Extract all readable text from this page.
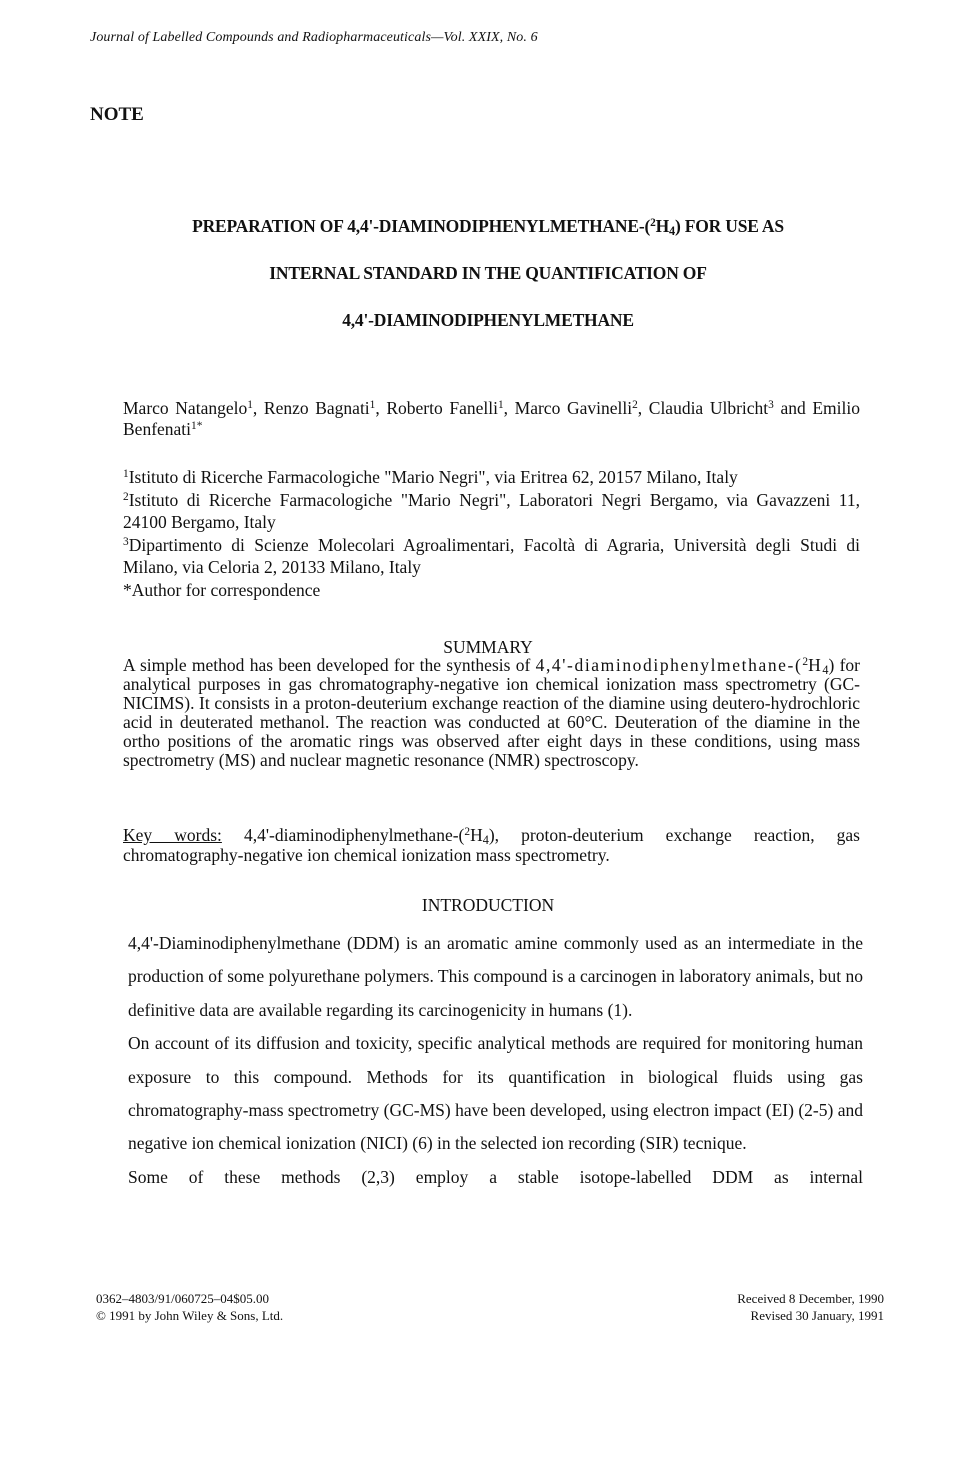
Journal of Labelled Compounds and Radiopharmaceuticals—Vol. XXIX, No. 6
NOTE
PREPARATION OF $4,4'-DIAMINODIPHENYLMETHANE-(^2H_4)$ FOR USE AS
INTERNAL STANDARD IN THE QUANTIFICATION OF
4,4'-DIAMINODIPHENYLMETHANE
Marco Natangelo$^1$, Renzo Bagnati$^1$, Roberto Fanelli$^1$, Marco Gavinelli$^2$, Claudia Ulbricht$^3$ and Emilio Benfenati$^{1*}$

$^1$Istituto di Ricerche Farmacologiche "Mario Negri", via Eritrea 62, 20157 Milano, Italy

$^2$Istituto di Ricerche Farmacologiche "Mario Negri", Laboratori Negri Bergamo, via Gavazzeni 11, 24100 Bergamo, Italy

$^3$Dipartimento di Scienze Molecolari Agroalimentari, Facoltà di Agraria, Università degli Studi di Milano, via Celoria 2, 20133 Milano, Italy

*Author for correspondence

SUMMARY
A simple method has been developed for the synthesis of $4,4'-diaminodiphenylmethane-(^2H_4)$ for analytical purposes in gas chromatography-negative ion chemical ionization mass spectrometry (GC-NICIMS). It consists in a proton-deuterium exchange reaction of the diamine using deutero-hydrochloric acid in deuterated methanol. The reaction was conducted at 60°C. Deuteration of the diamine in the ortho positions of the aromatic rings was observed after eight days in these conditions, using mass spectrometry (MS) and nuclear magnetic resonance (NMR) spectroscopy.
Key words: $4,4'-diaminodiphenylmethane-(^2H_4)$, proton-deuterium exchange reaction, gas chromatography-negative ion chemical ionization mass spectrometry.
INTRODUCTION

4,4'-Diaminodiphenylmethane (DDM) is an aromatic amine commonly used as an intermediate in the production of some polyurethane polymers. This compound is a carcinogen in laboratory animals, but no definitive data are available regarding its carcinogenicity in humans (1).

On account of its diffusion and toxicity, specific analytical methods are required for monitoring human exposure to this compound. Methods for its quantification in biological fluids using gas chromatography-mass spectrometry (GC-MS) have been developed, using electron impact (EI) (2-5) and negative ion chemical ionization (NICI) (6) in the selected ion recording (SIR) tecnique.

Some of these methods (2,3) employ a stable isotope-labelled DDM as internal

0362–4803/91/060725–04$05.00
© 1991 by John Wiley & Sons, Ltd.
Received 8 December, 1990
Revised 30 January, 1991
